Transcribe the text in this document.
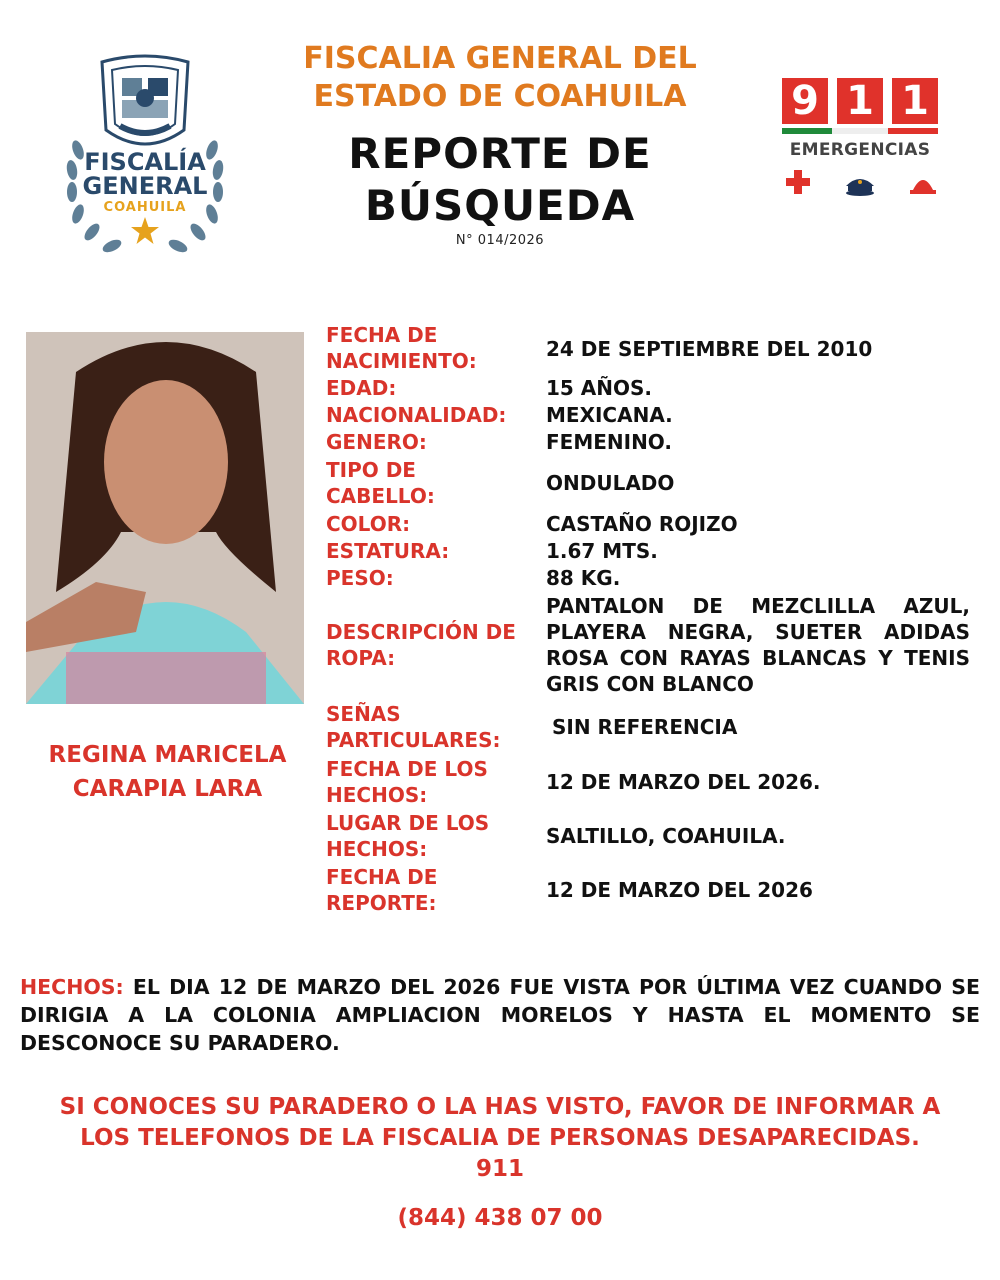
FISCALÍA
GENERAL
COAHUILA
FISCALIA GENERAL DEL
ESTADO DE COAHUILA
REPORTE DE
BÚSQUEDA
N° 014/2026
9 1 1
EMERGENCIAS
REGINA MARICELA
CARAPIA LARA
FECHA DE NACIMIENTO:	24 DE SEPTIEMBRE DEL 2010
EDAD:	15 AÑOS.
NACIONALIDAD:	MEXICANA.
GENERO:	FEMENINO.
TIPO DE CABELLO:
ONDULADO
COLOR:	CASTAÑO ROJIZO
ESTATURA:	1.67 MTS.
PESO:	88 KG.
DESCRIPCIÓN DE ROPA:
PANTALON DE MEZCLILLA AZUL, PLAYERA NEGRA, SUETER ADIDAS ROSA CON RAYAS BLANCAS Y TENIS GRIS CON BLANCO
SEÑAS PARTICULARES:
SIN REFERENCIA
FECHA DE LOS HECHOS:
12 DE MARZO DEL 2026.
LUGAR DE LOS HECHOS:
SALTILLO, COAHUILA.
FECHA DE REPORTE:
12 DE MARZO DEL 2026
HECHOS: EL DIA 12 DE MARZO DEL 2026 FUE VISTA POR ÚLTIMA VEZ CUANDO SE DIRIGIA A LA COLONIA AMPLIACION MORELOS Y HASTA EL MOMENTO SE DESCONOCE SU PARADERO.
SI CONOCES SU PARADERO O LA HAS VISTO, FAVOR DE INFORMAR A
LOS TELEFONOS DE LA FISCALIA DE PERSONAS DESAPARECIDAS.
911
(844) 438 07 00
